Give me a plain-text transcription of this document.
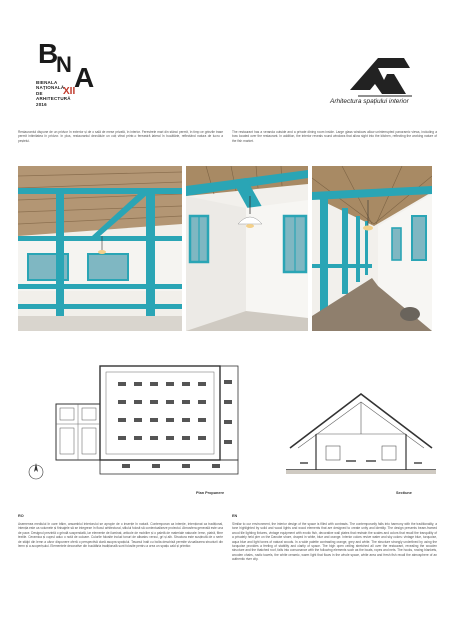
B
N A
BIENALA
NAȚIONALĂ
DE
ARHITECTURĂ
2016
XII
Arhitectura spațiului interior
Restaurantul dispune de un pridvor în exterior și de o sală de mese privată, în interior. Ferestrele mari din stânci permit, în timp ce grinzile trase permit intimitatea în pridvor. In plus, restaurantul dezvăluie un colț vitrat printr-o fereastră lateral în bucătărie, reflectând natura de lucru a peștelui.
The restaurant has a veranda outside and a private dining room inside. Large glass windows allow uninterrupted panoramic views, including a bow located over the restaurant. In addition, the interior reveals round windows that allow sight into the kitchen, reflecting the working nature of the fish market.
Plan Propunere	Sectiune
RO
Asemenea mediului în care trăim, ansamblul interiorului se apropie de o inserție în natură. Contemporan ca intenție, intenționat ca tradițional, intenția este ca volumele și finisajele să se integreze în fluxul arhitectural, stilului folosit să contextualizeze proiectul. Atmosfera generală este una de pace. Designul prezintă o grindă suspendată, iar elemente de iluminat, articole de mobilier și o paletă de materiale naturale: lemn, piatră, fibre textile. Ceramica și cuprul aduc o notă de culoare. Culorile folosite includ tonuri de albastru verzui, gri și alb. Structura este susținută de o serie de stâlpi din lemn a căror dispunere oferă o perspectivă clară asupra spațiului. Tavanul înalt cu bolta deschisă permite vizualizarea structurii din lemn și a acoperișului. Elementele decorative din bucătăria tradițională sunt folosite pentru a crea un spațiu cald și primitor.
EN
Similar to our environment, the interior design of the space is filled with contrasts. The contemporarily falls into harmony with the traditionality, a tone highlighted by solid and wood lights and wood elements that are designed to create unity and identity. The design presents beam-framed wood tile lighting fixtures, vintage equipment with exotic fish, decorative wall plates that restrain the scales and colors that recall the tranquility of a privately held pier on the Danube shore, draped in white, blue and orange. Interior colors revive water and sky colors: vintage blue, turquoise, aqua blue and light tones of natural woods. In a wide palette contrasting orange, grey and white. The structure strongly underlined by using the turquoise provides a feeling of stability and clarity of space. The high open ceiling stretched all over the restaurant, revealing the wooden structure and the thatched roof, falls into consonance with the following elements such as the boats, ropes and nets. The hooks, rowing blankets, wooden chairs, rustic towels, the white ceramic, warm light that flows in the whole space, white area and fresh fish recall the atmosphere of an authentic river city.
